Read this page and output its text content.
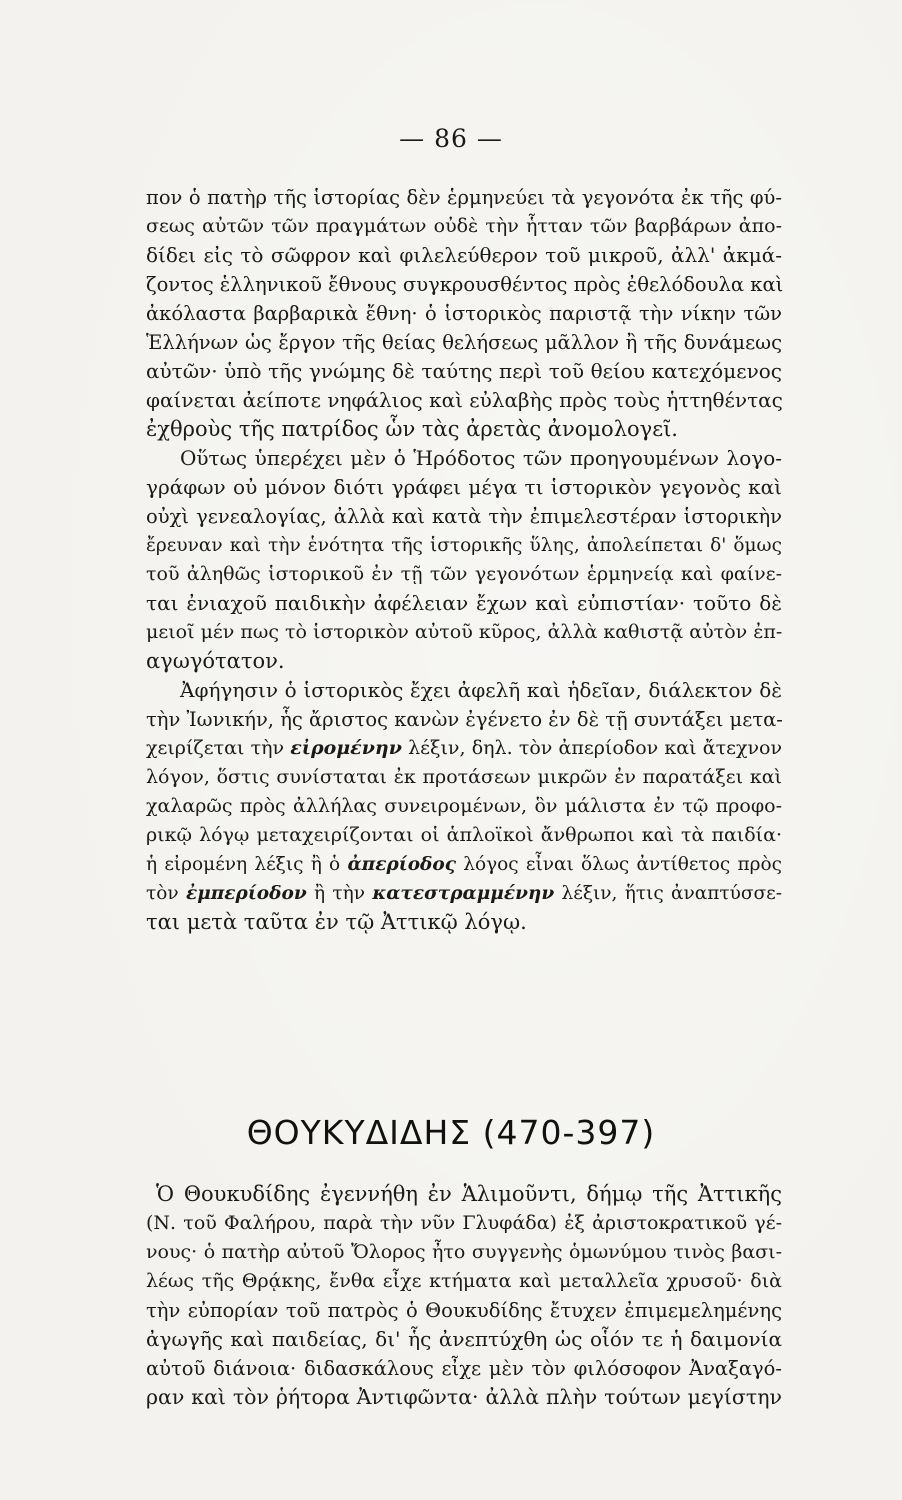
— 86 —
πον ὁ πατὴρ τῆς ἱστορίας δὲν ἑρμηνεύει τὰ γεγονότα ἐκ τῆς φύ-
σεως αὐτῶν τῶν πραγμάτων οὐδὲ τὴν ἧτταν τῶν βαρβάρων ἀπο-
δίδει εἰς τὸ σῶφρον καὶ φιλελεύθερον τοῦ μικροῦ, ἀλλ' ἀκμά-
ζοντος ἑλληνικοῦ ἔθνους συγκρουσθέντος πρὸς ἐθελόδουλα καὶ
ἀκόλαστα βαρβαρικὰ ἔθνη· ὁ ἱστορικὸς παριστᾷ τὴν νίκην τῶν
Ἑλλήνων ὡς ἔργον τῆς θείας θελήσεως μᾶλλον ἢ τῆς δυνάμεως
αὐτῶν· ὑπὸ τῆς γνώμης δὲ ταύτης περὶ τοῦ θείου κατεχόμενος
φαίνεται ἀείποτε νηφάλιος καὶ εὐλαβὴς πρὸς τοὺς ἡττηθέντας
ἐχθροὺς τῆς πατρίδος ὧν τὰς ἀρετὰς ἀνομολογεῖ.
Οὕτως ὑπερέχει μὲν ὁ Ἡρόδοτος τῶν προηγουμένων λογο-
γράφων οὐ μόνον διότι γράφει μέγα τι ἱστορικὸν γεγονὸς καὶ
οὐχὶ γενεαλογίας, ἀλλὰ καὶ κατὰ τὴν ἐπιμελεστέραν ἱστορικὴν
ἔρευναν καὶ τὴν ἑνότητα τῆς ἱστορικῆς ὕλης, ἀπολείπεται δ' ὅμως
τοῦ ἀληθῶς ἱστορικοῦ ἐν τῇ τῶν γεγονότων ἑρμηνείᾳ καὶ φαίνε-
ται ἐνιαχοῦ παιδικὴν ἀφέλειαν ἔχων καὶ εὐπιστίαν· τοῦτο δὲ
μειοῖ μέν πως τὸ ἱστορικὸν αὐτοῦ κῦρος, ἀλλὰ καθιστᾷ αὐτὸν ἐπ-
αγωγότατον.
Ἀφήγησιν ὁ ἱστορικὸς ἔχει ἀφελῆ καὶ ἡδεῖαν, διάλεκτον δὲ
τὴν Ἰωνικήν, ἧς ἄριστος κανὼν ἐγένετο ἐν δὲ τῇ συντάξει μετα-
χειρίζεται τὴν εἰρομένην λέξιν, δηλ. τὸν ἀπερίοδον καὶ ἄτεχνον
λόγον, ὅστις συνίσταται ἐκ προτάσεων μικρῶν ἐν παρατάξει καὶ
χαλαρῶς πρὸς ἀλλήλας συνειρομένων, ὃν μάλιστα ἐν τῷ προφο-
ρικῷ λόγῳ μεταχειρίζονται οἱ ἁπλοϊκοὶ ἄνθρωποι καὶ τὰ παιδία·
ἡ εἰρομένη λέξις ἢ ὁ ἀπερίοδος λόγος εἶναι ὅλως ἀντίθετος πρὸς
τὸν ἐμπερίοδον ἢ τὴν κατεστραμμένην λέξιν, ἥτις ἀναπτύσσε-
ται μετὰ ταῦτα ἐν τῷ Ἀττικῷ λόγῳ.
ΘΟΥΚΥΔΙΔΗΣ (470-397)
Ὁ Θουκυδίδης ἐγεννήθη ἐν Ἁλιμοῦντι, δήμῳ τῆς Ἀττικῆς
(Ν. τοῦ Φαλήρου, παρὰ τὴν νῦν Γλυφάδα) ἐξ ἀριστοκρατικοῦ γέ-
νους· ὁ πατὴρ αὐτοῦ Ὄλορος ἦτο συγγενὴς ὁμωνύμου τινὸς βασι-
λέως τῆς Θρᾴκης, ἔνθα εἶχε κτήματα καὶ μεταλλεῖα χρυσοῦ· διὰ
τὴν εὐπορίαν τοῦ πατρὸς ὁ Θουκυδίδης ἔτυχεν ἐπιμεμελημένης
ἀγωγῆς καὶ παιδείας, δι' ἧς ἀνεπτύχθη ὡς οἷόν τε ἡ δαιμονία
αὐτοῦ διάνοια· διδασκάλους εἶχε μὲν τὸν φιλόσοφον Ἀναξαγό-
ραν καὶ τὸν ῥήτορα Ἀντιφῶντα· ἀλλὰ πλὴν τούτων μεγίστην
